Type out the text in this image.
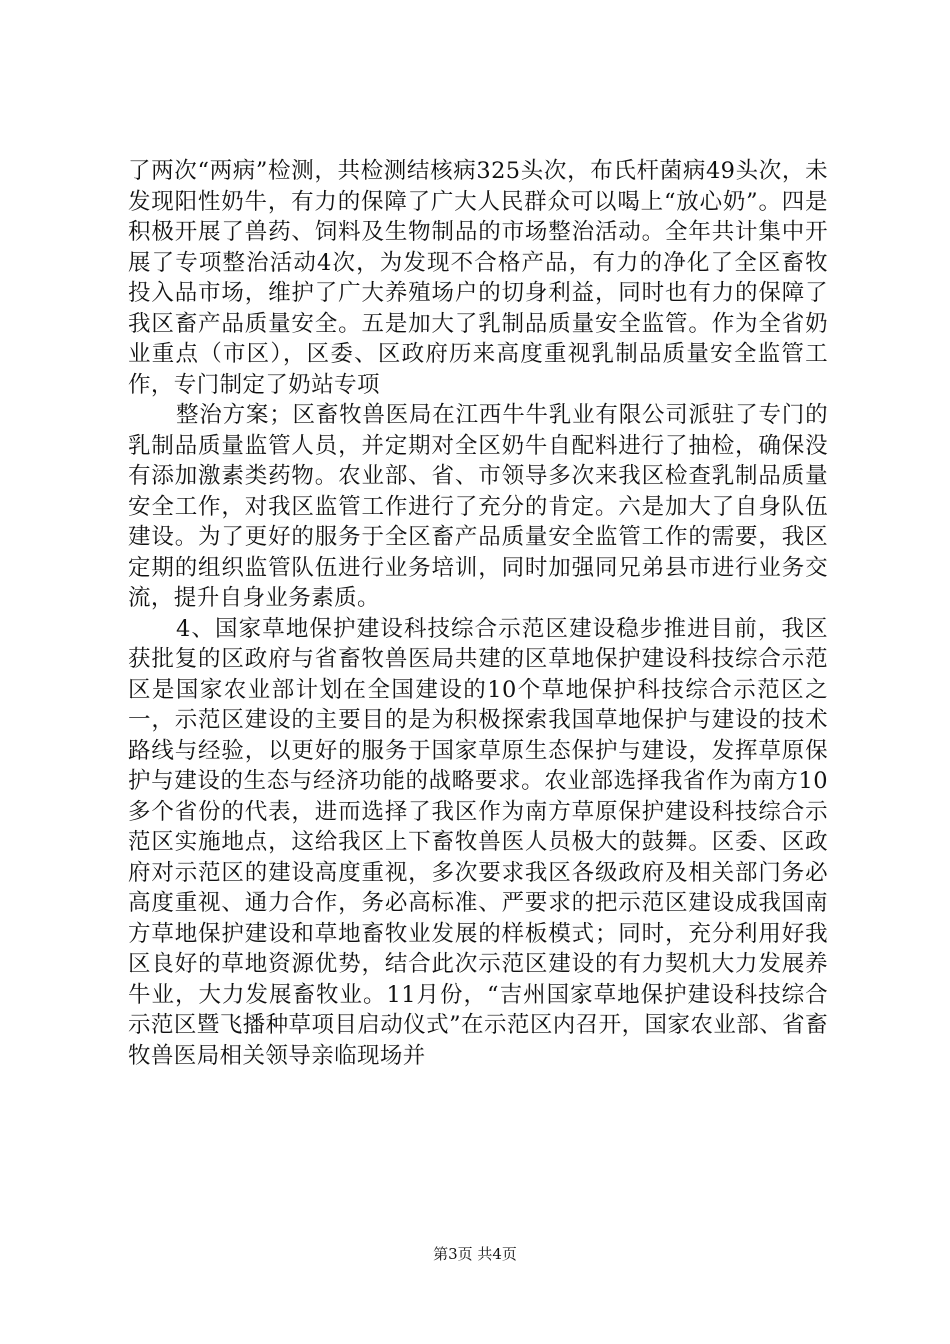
了两次“两病”检测，共检测结核病325头次，布氏杆菌病49头次，未发现阳性奶牛，有力的保障了广大人民群众可以喝上“放心奶”。四是积极开展了兽药、饲料及生物制品的市场整治活动。全年共计集中开展了专项整治活动4次，为发现不合格产品，有力的净化了全区畜牧投入品市场，维护了广大养殖场户的切身利益，同时也有力的保障了我区畜产品质量安全。五是加大了乳制品质量安全监管。作为全省奶业重点（市区），区委、区政府历来高度重视乳制品质量安全监管工作，专门制定了奶站专项

整治方案；区畜牧兽医局在江西牛牛乳业有限公司派驻了专门的乳制品质量监管人员，并定期对全区奶牛自配料进行了抽检，确保没有添加激素类药物。农业部、省、市领导多次来我区检查乳制品质量安全工作，对我区监管工作进行了充分的肯定。六是加大了自身队伍建设。为了更好的服务于全区畜产品质量安全监管工作的需要，我区定期的组织监管队伍进行业务培训，同时加强同兄弟县市进行业务交流，提升自身业务素质。

4、国家草地保护建设科技综合示范区建设稳步推进目前，我区获批复的区政府与省畜牧兽医局共建的区草地保护建设科技综合示范区是国家农业部计划在全国建设的10个草地保护科技综合示范区之一，示范区建设的主要目的是为积极探索我国草地保护与建设的技术路线与经验，以更好的服务于国家草原生态保护与建设，发挥草原保护与建设的生态与经济功能的战略要求。农业部选择我省作为南方10多个省份的代表，进而选择了我区作为南方草原保护建设科技综合示范区实施地点，这给我区上下畜牧兽医人员极大的鼓舞。区委、区政府对示范区的建设高度重视，多次要求我区各级政府及相关部门务必高度重视、通力合作，务必高标准、严要求的把示范区建设成我国南方草地保护建设和草地畜牧业发展的样板模式；同时，充分利用好我区良好的草地资源优势，结合此次示范区建设的有力契机大力发展养牛业，大力发展畜牧业。11月份，“吉州国家草地保护建设科技综合示范区暨飞播种草项目启动仪式”在示范区内召开，国家农业部、省畜牧兽医局相关领导亲临现场并

第3页 共4页
